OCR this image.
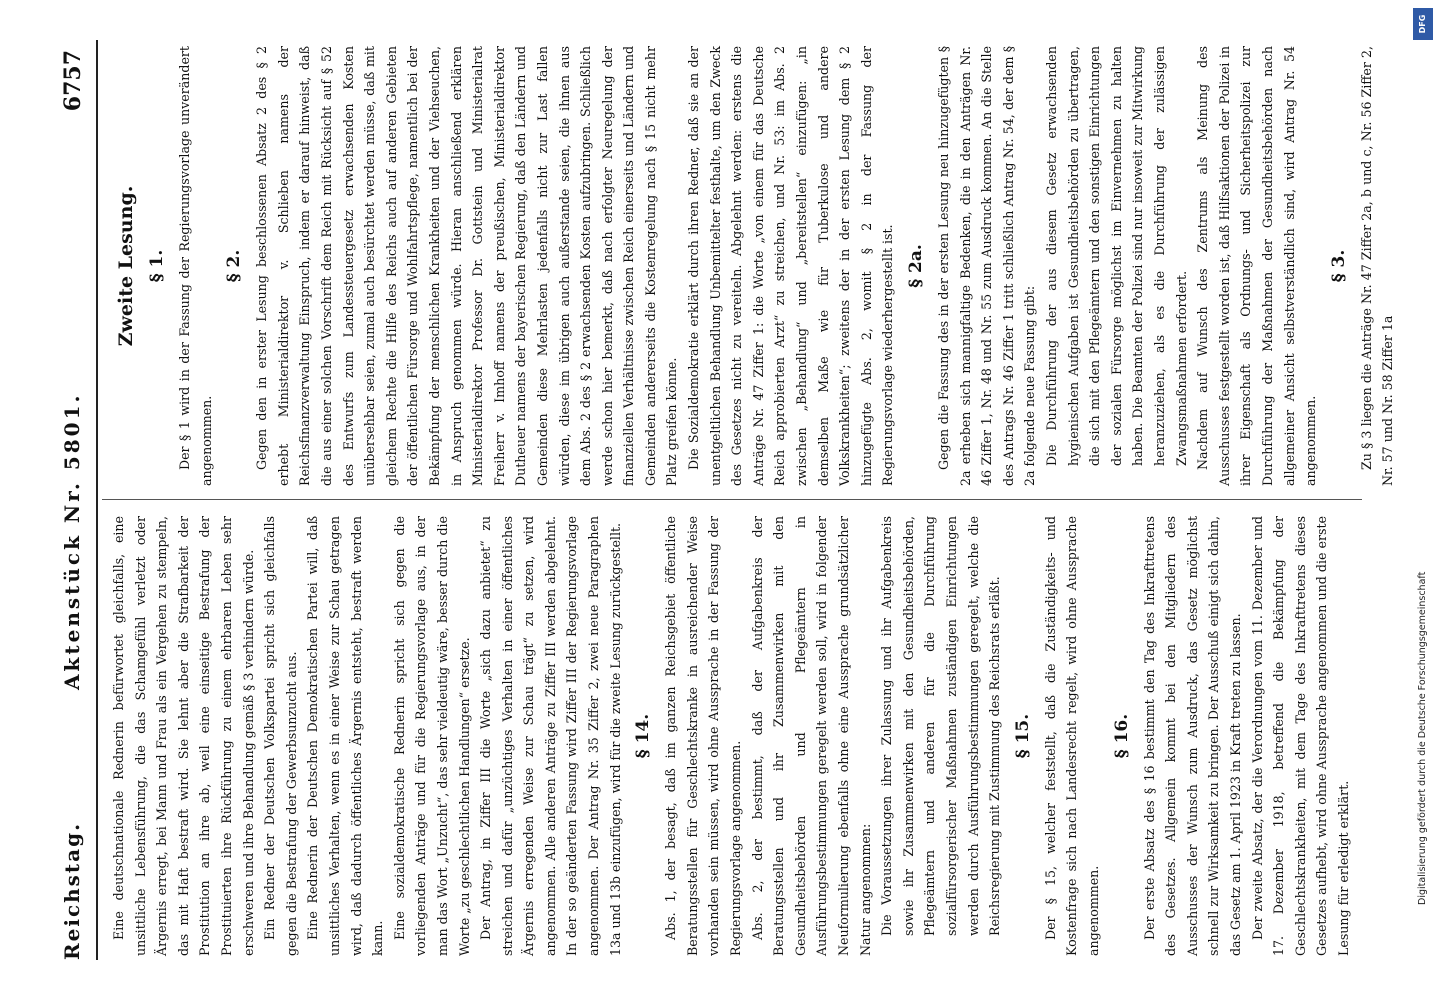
Reichstag.
Aktenstück Nr. 5801.
6757

Eine deutschnationale Rednerin befürwortet gleichfalls, eine unsittliche Lebensführung, die das Schamgefühl verletzt oder Ärgernis erregt, bei Mann und Frau als ein Vergehen zu stempeln, das mit Haft bestraft wird. Sie lehnt aber die Strafbarkeit der Prostitution an ihre ab, weil eine einseitige Bestrafung der Prostituierten ihre Rückführung zu einem ehrbaren Leben sehr erschweren und ihre Behandlung gemäß § 3 verhindern würde. Ein Redner der Deutschen Volkspartei spricht sich gleichfalls gegen die Bestrafung der Gewerbsunzucht aus. Eine Rednerin der Deutschen Demokratischen Partei will, daß unsittliches Verhalten, wenn es in einer Weise zur Schau getragen wird, daß dadurch öffentliches Ärgernis entsteht, bestraft werden kann. Eine sozialdemokratische Rednerin spricht sich gegen die vorliegenden Anträge und für die Regierungsvorlage aus, in der man das Wort „Unzucht“, das sehr vieldeutig wäre, besser durch die Worte „zu geschlechtlichen Handlungen“ ersetze. Der Antrag, in Ziffer III die Worte „sich dazu anbietet“ zu streichen und dafür „unzüchtiges Verhalten in einer öffentliches Ärgernis erregenden Weise zur Schau trägt“ zu setzen, wird angenommen. Alle anderen Anträge zu Ziffer III werden abgelehnt. In der so geänderten Fassung wird Ziffer III der Regierungsvorlage angenommen. Der Antrag Nr. 35 Ziffer 2, zwei neue Paragraphen 13a und 13b einzufügen, wird für die zweite Lesung zurückgestellt. § 14. Abs. 1, der besagt, daß im ganzen Reichsgebiet öffentliche Beratungsstellen für Geschlechtskranke in ausreichender Weise vorhanden sein müssen, wird ohne Aussprache in der Fassung der Regierungsvorlage angenommen. Abs. 2, der bestimmt, daß der Aufgabenkreis der Beratungsstellen und ihr Zusammenwirken mit den Gesundheitsbehörden und Pflegeämtern in Ausführungsbestimmungen geregelt werden soll, wird in folgender Neuformulierung ebenfalls ohne eine Aussprache grundsätzlicher Natur angenommen: Die Voraussetzungen ihrer Zulassung und ihr Aufgabenkreis sowie ihr Zusammenwirken mit den Gesundheitsbehörden, Pflegeämtern und anderen für die Durchführung sozialfürsorgerischer Maßnahmen zuständigen Einrichtungen werden durch Ausführungsbestimmungen geregelt, welche die Reichsregierung mit Zustimmung des Reichsrats erläßt. § 15. Der § 15, welcher feststellt, daß die Zuständigkeits- und Kostenfrage sich nach Landesrecht regelt, wird ohne Aussprache angenommen.

§ 16. Der erste Absatz des § 16 bestimmt den Tag des Inkrafttretens des Gesetzes. Allgemein kommt bei den Mitgliedern des Ausschusses der Wunsch zum Ausdruck, das Gesetz möglichst schnell zur Wirksamkeit zu bringen. Der Ausschuß einigt sich dahin, das Gesetz am 1. April 1923 in Kraft treten zu lassen. Der zweite Absatz, der die Verordnungen vom 11. Dezember und 17. Dezember 1918, betreffend die Bekämpfung der Geschlechtskrankheiten, mit dem Tage des Inkrafttretens dieses Gesetzes aufhebt, wird ohne Aussprache angenommen und die erste Lesung für erledigt erklärt.

Zweite Lesung. § 1. Der § 1 wird in der Fassung der Regierungsvorlage unverändert angenommen.

§ 2. Gegen den in erster Lesung beschlossenen Absatz 2 des § 2 erhebt Ministerialdirektor v. Schlieben namens der Reichsfinanzverwaltung Einspruch, indem er darauf hinweist, daß die aus einer solchen Vorschrift dem Reich mit Rücksicht auf § 52 des Entwurfs zum Landessteuergesetz erwachsenden Kosten unübersehbar seien, zumal auch besürchtet werden müsse, daß mit gleichem Rechte die Hilfe des Reichs auch auf anderen Gebieten der öffentlichen Fürsorge und Wohlfahrtspflege, namentlich bei der Bekämpfung der menschlichen Krankheiten und der Viehseuchen, in Anspruch genommen würde. Hieran anschließend erklären Ministerialdirektor Professor Dr. Gottstein und Ministerialrat Freiherr v. Imhoff namens der preußischen, Ministerialdirektor Dutheuer namens der bayerischen Regierung, daß den Ländern und Gemeinden diese Mehrlasten jedenfalls nicht zur Last fallen würden, diese im übrigen auch außerstande seien, die ihnen aus dem Abs. 2 des § 2 erwachsenden Kosten aufzubringen. Schließlich werde schon hier bemerkt, daß nach erfolgter Neuregelung der finanziellen Verhältnisse zwischen Reich einerseits und Ländern und Gemeinden andererseits die Kostenregelung nach § 15 nicht mehr Platz greifen könne. Die Sozialdemokratie erklärt durch ihren Redner, daß sie an der unentgeltlichen Behandlung Unbemittelter festhalte, um den Zweck des Gesetzes nicht zu vereiteln. Abgelehnt werden: erstens die Anträge Nr. 47 Ziffer 1: die Worte „von einem für das Deutsche Reich approbierten Arzt“ zu streichen, und Nr. 53: im Abs. 2 zwischen „Behandlung“ und „bereitstellen“ einzufügen: „in demselben Maße wie für Tuberkulose und andere Volkskrankheiten“; zweitens der in der ersten Lesung dem § 2 hinzugefügte Abs. 2, womit § 2 in der Fassung der Regierungsvorlage wiederhergestellt ist. § 2a. Gegen die Fassung des in der ersten Lesung neu hinzugefügten § 2a erheben sich mannigfaltige Bedenken, die in den Anträgen Nr. 46 Ziffer 1, Nr. 48 und Nr. 55 zum Ausdruck kommen. An die Stelle des Antrags Nr. 46 Ziffer 1 tritt schließlich Antrag Nr. 54, der dem § 2a folgende neue Fassung gibt: Die Durchführung der aus diesem Gesetz erwachsenden hygienischen Aufgaben ist Gesundheitsbehörden zu übertragen, die sich mit den Pflegeämtern und den sonstigen Einrichtungen der sozialen Fürsorge möglichst im Einvernehmen zu halten haben. Die Beamten der Polizei sind nur insoweit zur Mitwirkung heranzuziehen, als es die Durchführung der zulässigen Zwangsmaßnahmen erfordert. Nachdem auf Wunsch des Zentrums als Meinung des Ausschusses festgestellt worden ist, daß Hilfsaktionen der Polizei in ihrer Eigenschaft als Ordnungs- und Sicherheitspolizei zur Durchführung der Maßnahmen der Gesundheitsbehörden nach allgemeiner Ansicht selbstverständlich sind, wird Antrag Nr. 54 angenommen.

§ 3. Zu § 3 liegen die Anträge Nr. 47 Ziffer 2a, b und c, Nr. 56 Ziffer 2, Nr. 57 und Nr. 58 Ziffer 1a

Digitalisierung gefördert durch die Deutsche Forschungsgemeinschaft
DFG
